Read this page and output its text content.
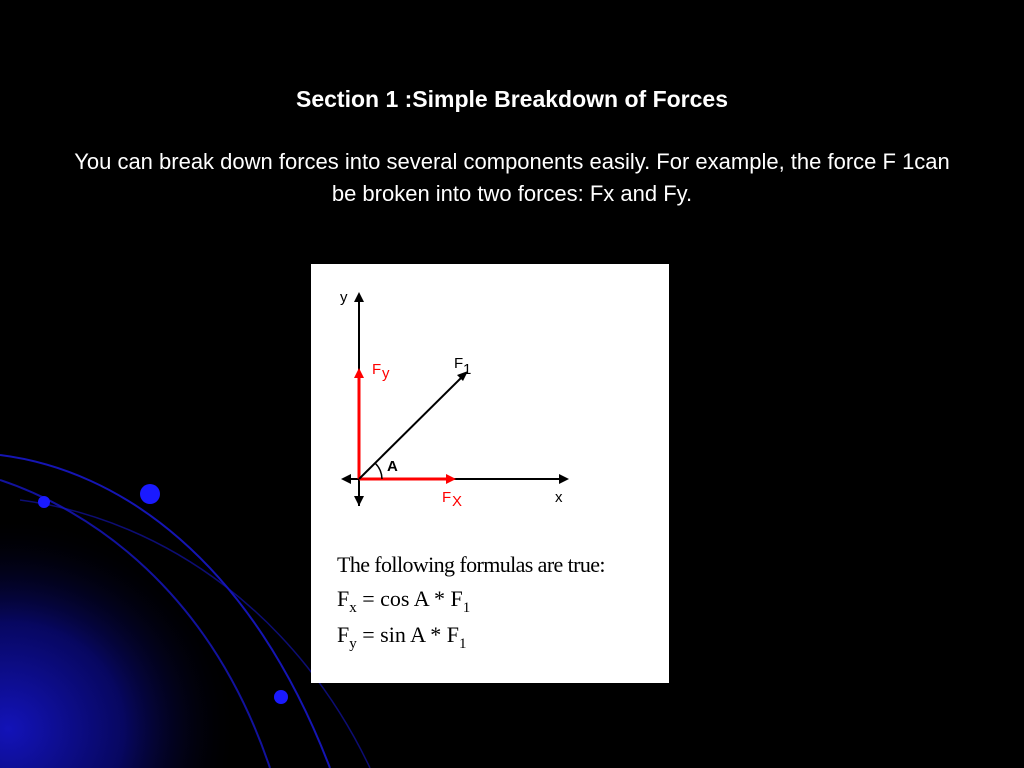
Section 1 :Simple Breakdown of Forces
You can break down forces into several components easily. For example, the force F 1can be broken into two forces: Fx and Fy.
y
x
F 1
F y
F X
A
The following formulas are true:
$F_x = \cos A * F_1$
$F_y = \sin A * F_1$
